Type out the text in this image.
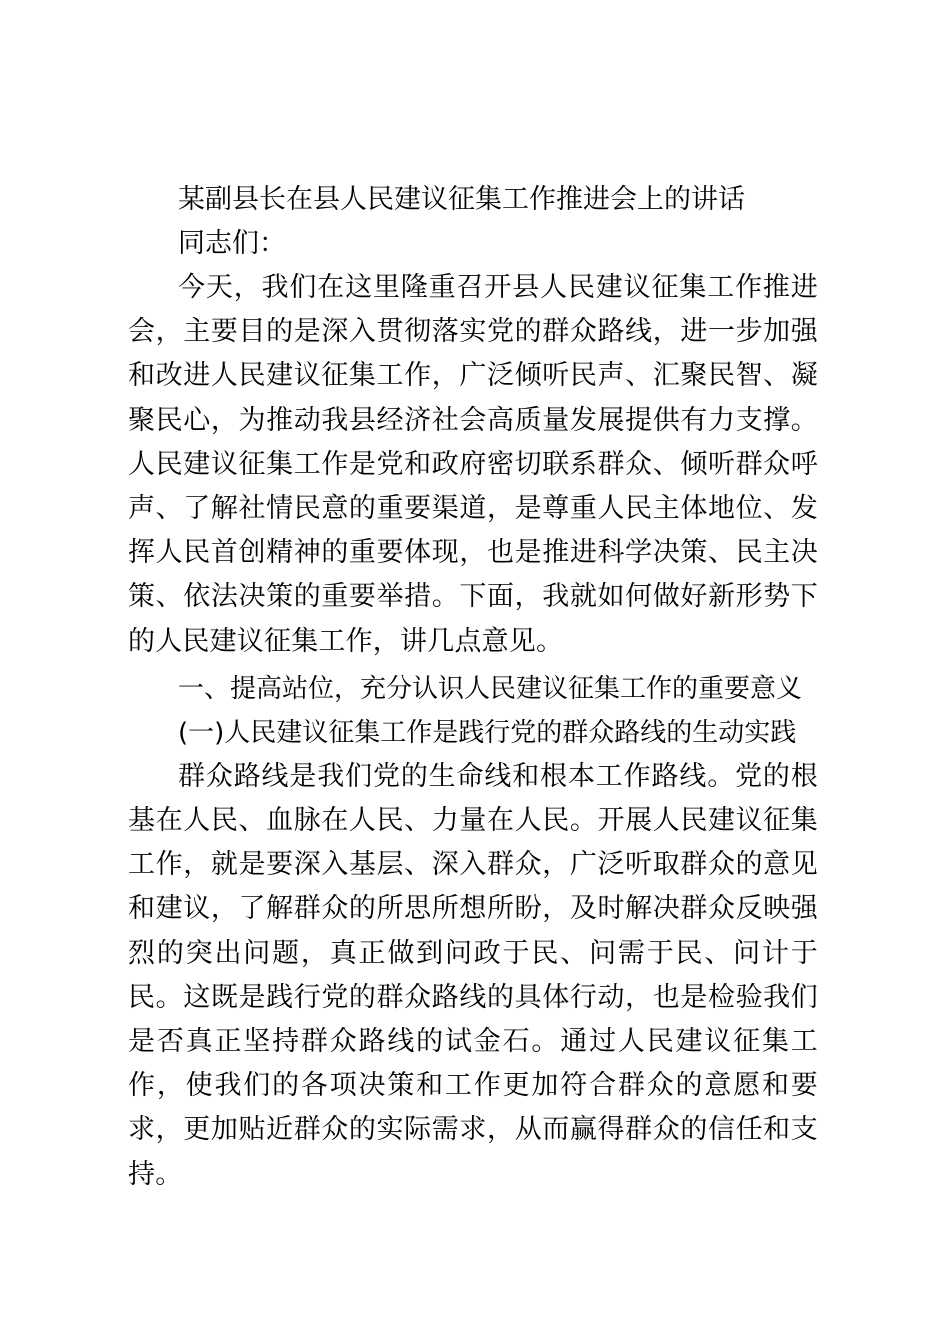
某副县长在县人民建议征集工作推进会上的讲话

同志们：

今天，我们在这里隆重召开县人民建议征集工作推进会，主要目的是深入贯彻落实党的群众路线，进一步加强和改进人民建议征集工作，广泛倾听民声、汇聚民智、凝聚民心，为推动我县经济社会高质量发展提供有力支撑。人民建议征集工作是党和政府密切联系群众、倾听群众呼声、了解社情民意的重要渠道，是尊重人民主体地位、发挥人民首创精神的重要体现，也是推进科学决策、民主决策、依法决策的重要举措。下面，我就如何做好新形势下的人民建议征集工作，讲几点意见。

一、提高站位，充分认识人民建议征集工作的重要意义

(一)人民建议征集工作是践行党的群众路线的生动实践

群众路线是我们党的生命线和根本工作路线。党的根基在人民、血脉在人民、力量在人民。开展人民建议征集工作，就是要深入基层、深入群众，广泛听取群众的意见和建议，了解群众的所思所想所盼，及时解决群众反映强烈的突出问题，真正做到问政于民、问需于民、问计于民。这既是践行党的群众路线的具体行动，也是检验我们是否真正坚持群众路线的试金石。通过人民建议征集工作，使我们的各项决策和工作更加符合群众的意愿和要求，更加贴近群众的实际需求，从而赢得群众的信任和支持。
